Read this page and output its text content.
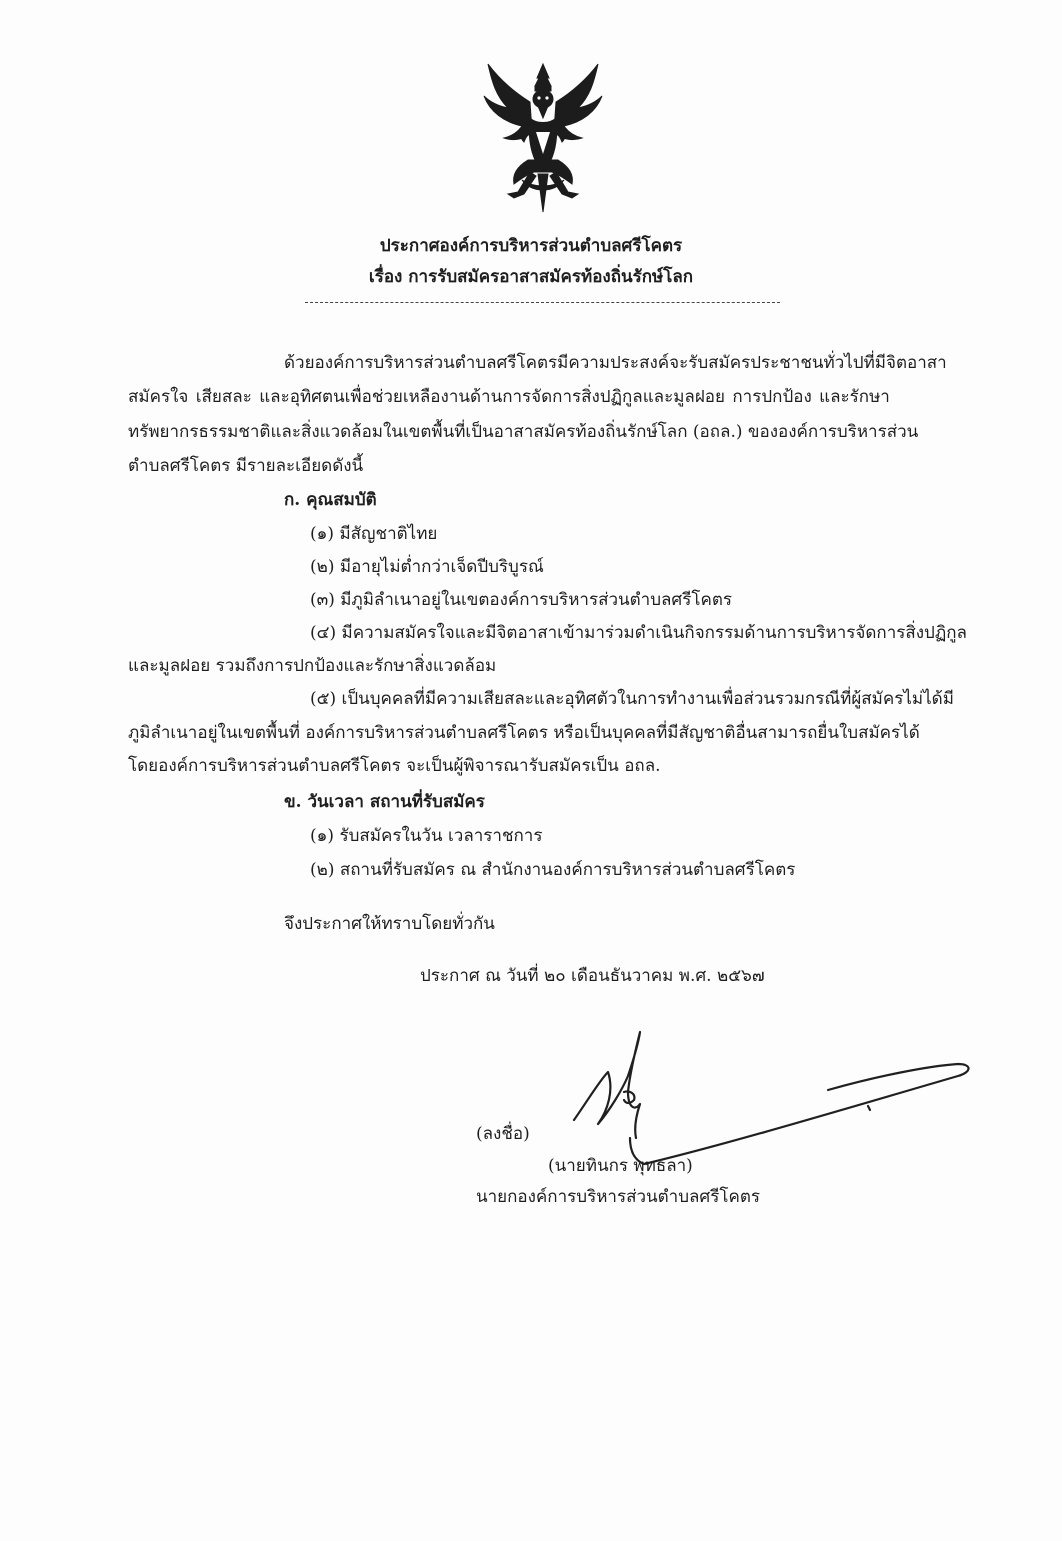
ประกาศองค์การบริหารส่วนตำบลศรีโคตร
เรื่อง การรับสมัครอาสาสมัครท้องถิ่นรักษ์โลก
ด้วยองค์การบริหารส่วนตำบลศรีโคตรมีความประสงค์จะรับสมัครประชาชนทั่วไปที่มีจิตอาสา
สมัครใจ เสียสละ และอุทิศตนเพื่อช่วยเหลืองานด้านการจัดการสิ่งปฏิกูลและมูลฝอย การปกป้อง และรักษา
ทรัพยากรธรรมชาติและสิ่งแวดล้อมในเขตพื้นที่เป็นอาสาสมัครท้องถิ่นรักษ์โลก (อถล.) ขององค์การบริหารส่วน
ตำบลศรีโคตร มีรายละเอียดดังนี้
ก. คุณสมบัติ
(๑) มีสัญชาติไทย
(๒) มีอายุไม่ต่ำกว่าเจ็ดปีบริบูรณ์
(๓) มีภูมิลำเนาอยู่ในเขตองค์การบริหารส่วนตำบลศรีโคตร
(๔) มีความสมัครใจและมีจิตอาสาเข้ามาร่วมดำเนินกิจกรรมด้านการบริหารจัดการสิ่งปฏิกูล
และมูลฝอย รวมถึงการปกป้องและรักษาสิ่งแวดล้อม
(๕) เป็นบุคคลที่มีความเสียสละและอุทิศตัวในการทำงานเพื่อส่วนรวมกรณีที่ผู้สมัครไม่ได้มี
ภูมิลำเนาอยู่ในเขตพื้นที่ องค์การบริหารส่วนตำบลศรีโคตร หรือเป็นบุคคลที่มีสัญชาติอื่นสามารถยื่นใบสมัครได้
โดยองค์การบริหารส่วนตำบลศรีโคตร จะเป็นผู้พิจารณารับสมัครเป็น อถล.
ข. วันเวลา สถานที่รับสมัคร
(๑) รับสมัครในวัน เวลาราชการ
(๒) สถานที่รับสมัคร ณ สำนักงานองค์การบริหารส่วนตำบลศรีโคตร
จึงประกาศให้ทราบโดยทั่วกัน
ประกาศ ณ วันที่ ๒๐ เดือนธันวาคม พ.ศ. ๒๕๖๗
(ลงชื่อ)
(นายทินกร พุทธลา)
นายกองค์การบริหารส่วนตำบลศรีโคตร
